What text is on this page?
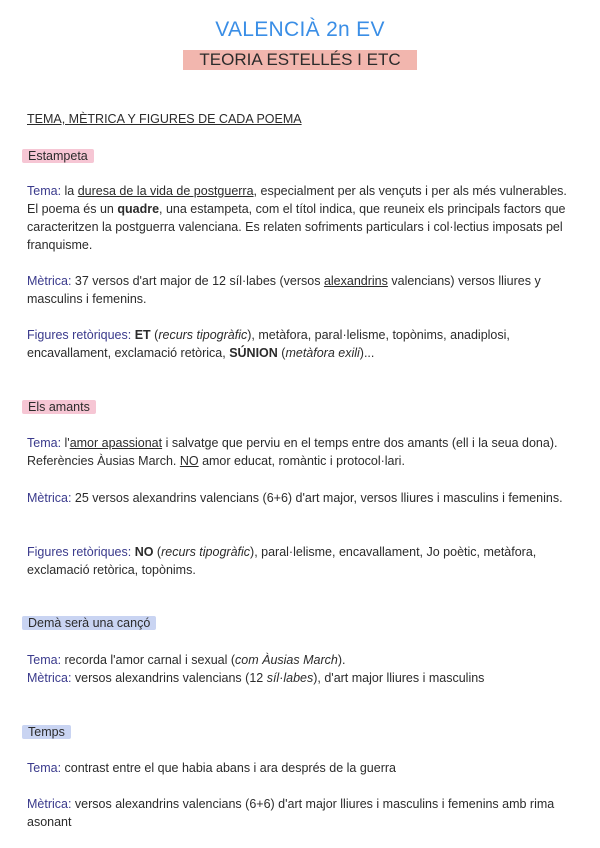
VALENCIÀ 2n EV
TEORIA ESTELLÉS I ETC
TEMA, MÈTRICA Y FIGURES DE CADA POEMA
Estampeta
Tema: la duresa de la vida de postguerra, especialment per als vençuts i per als més vulnerables. El poema és un quadre, una estampeta, com el títol indica, que reuneix els principals factors que caracteritzen la postguerra valenciana. Es relaten sofriments particulars i col·lectius imposats pel franquisme.
Mètrica: 37 versos d'art major de 12 síl·labes (versos alexandrins valencians) versos lliures y masculins i femenins.
Figures retòriques: ET (recurs tipogràfic), metàfora, paral·lelisme, topònims, anadiplosi, encavallament, exclamació retòrica, SÚNION (metàfora exili)...
Els amants
Tema: l'amor apassionat i salvatge que perviu en el temps entre dos amants (ell i la seua dona). Referències Àusias March. NO amor educat, romàntic i protocol·lari.
Mètrica: 25 versos alexandrins valencians (6+6) d'art major, versos lliures i masculins i femenins.
Figures retòriques: NO (recurs tipogràfic), paral·lelisme, encavallament, Jo poètic, metàfora, exclamació retòrica, topònims.
Demà serà una cançó
Tema: recorda l'amor carnal i sexual (com Àusias March).
Mètrica: versos alexandrins valencians (12 síl·labes), d'art major lliures i masculins
Temps
Tema: contrast entre el que habia abans i ara després de la guerra
Mètrica: versos alexandrins valencians (6+6) d'art major lliures i masculins i femenins amb rima asonant
